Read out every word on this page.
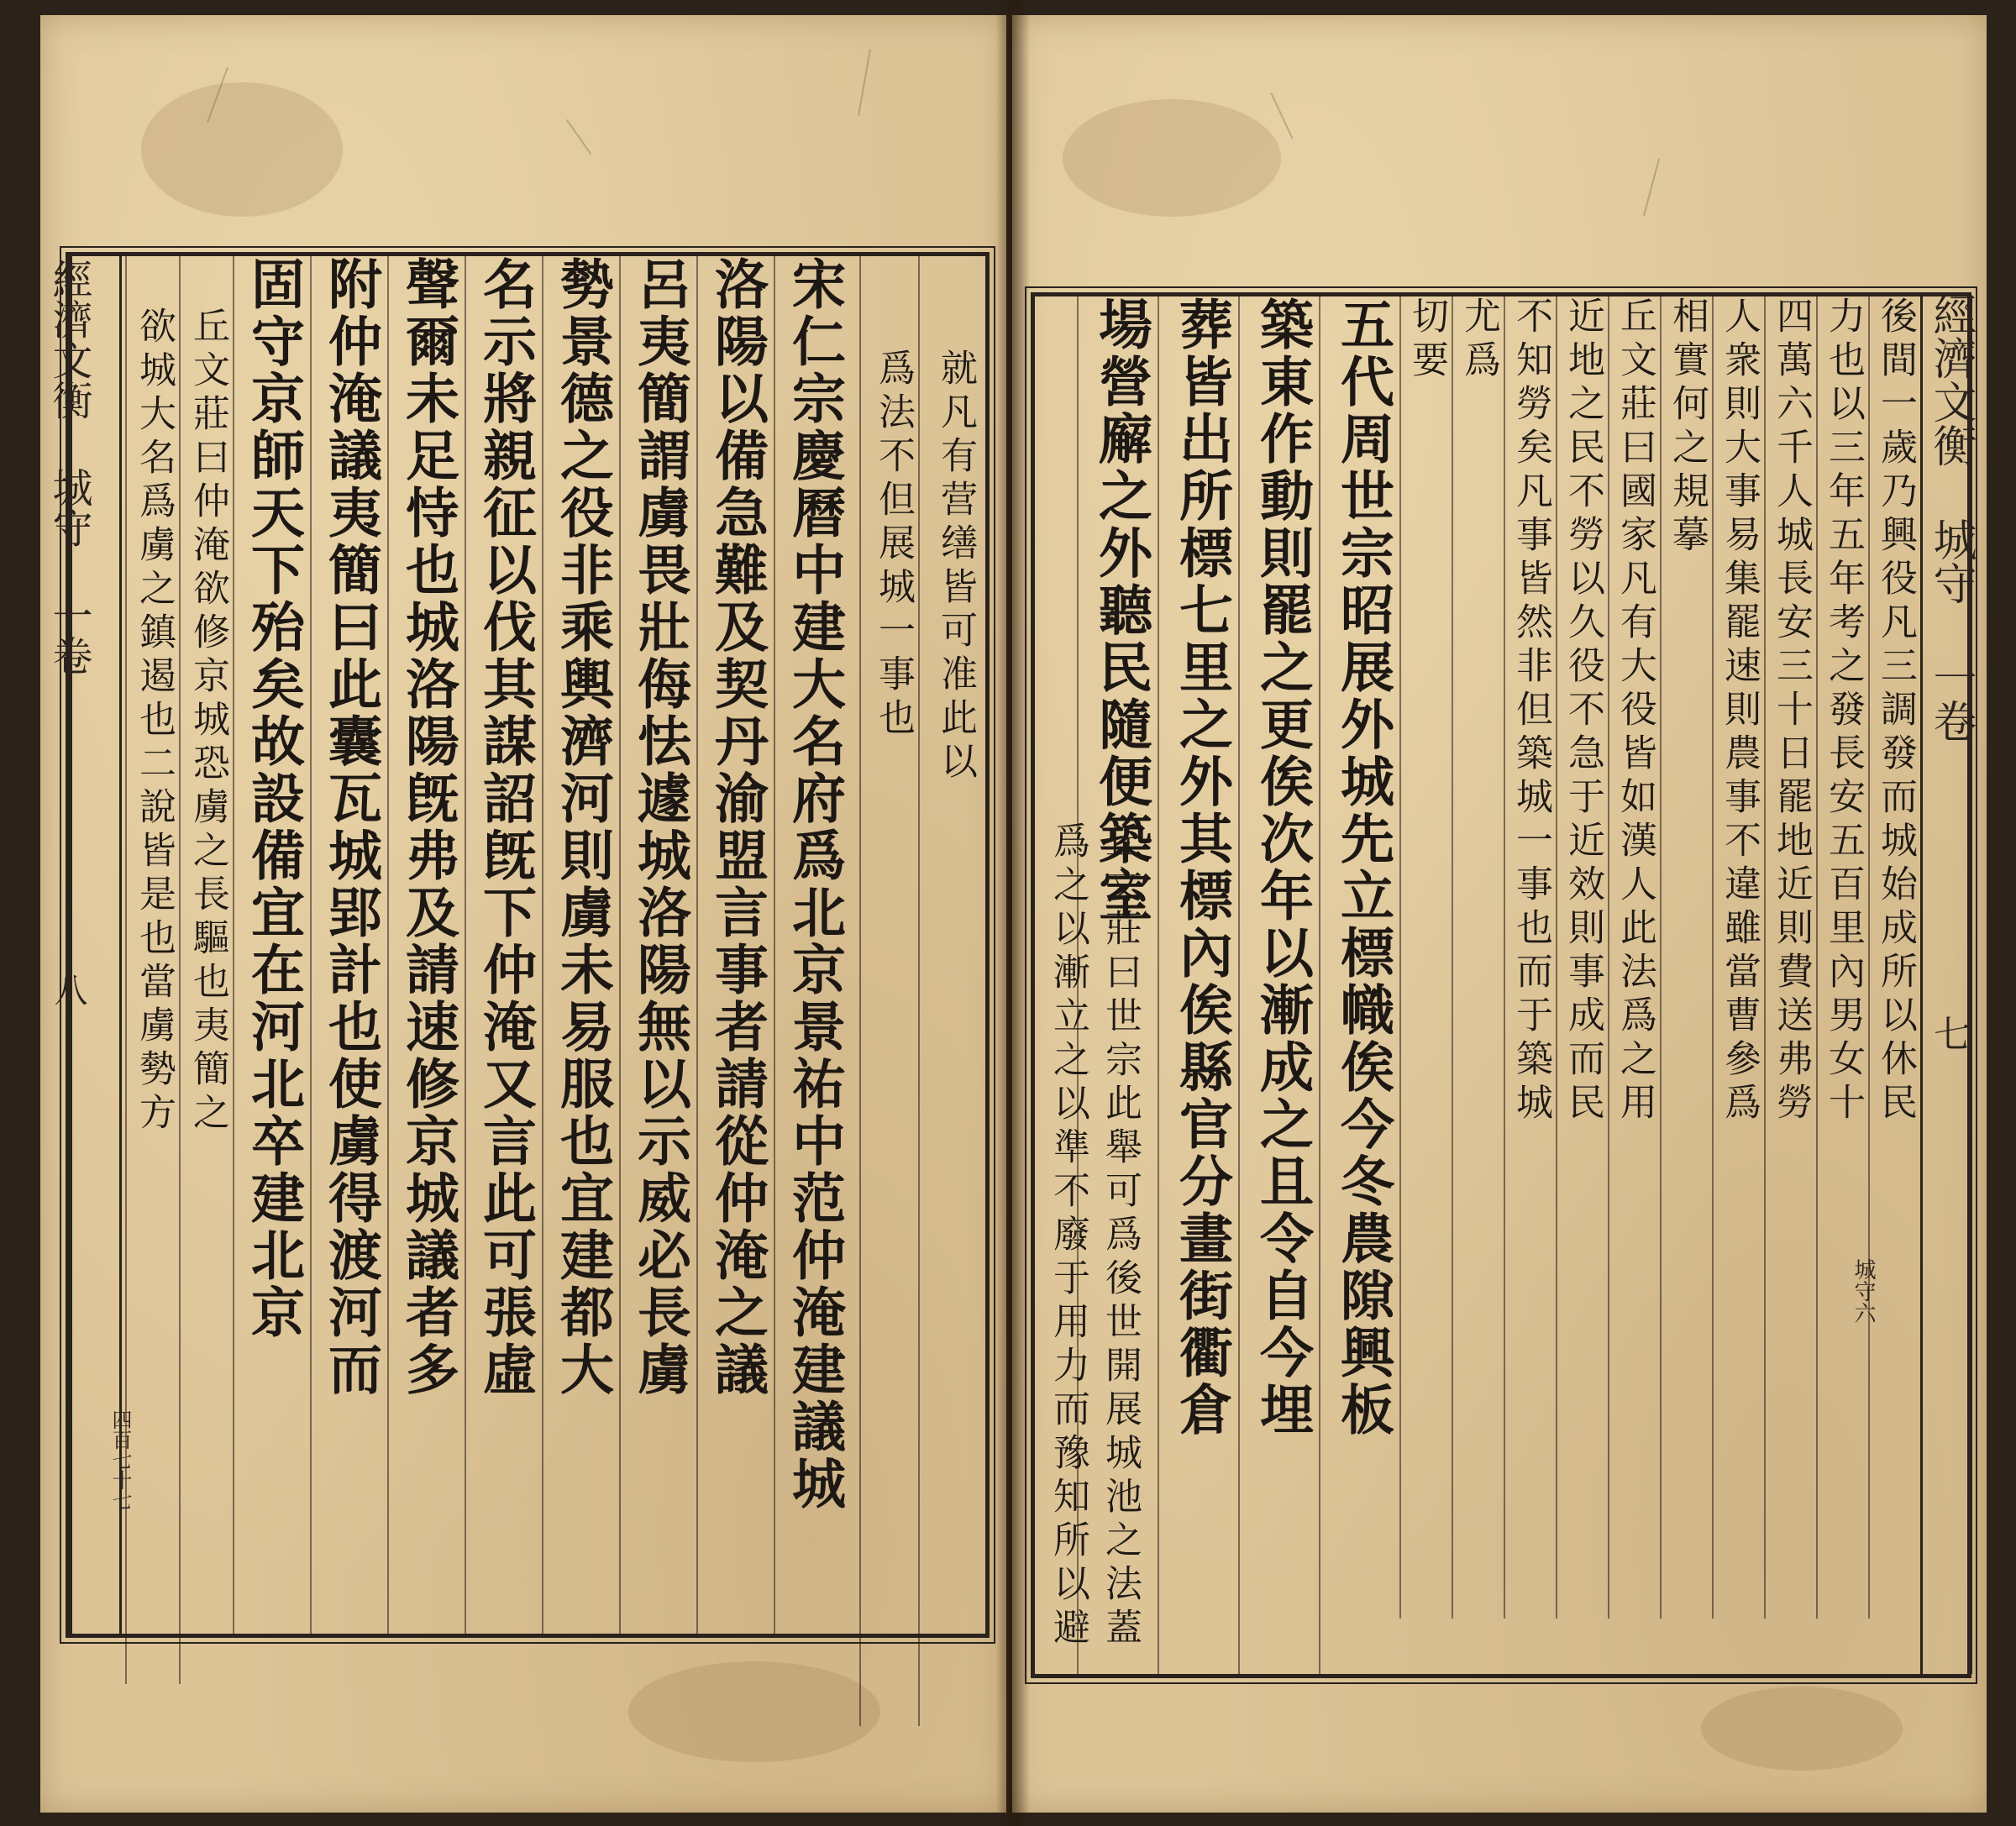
就凡有营缮皆可准此以
爲法不但展城一事也
宋仁宗慶曆中建大名府爲北京景祐中范仲淹建議城
洛陽以備急難及契丹渝盟言事者請從仲淹之議
呂夷簡謂虜畏壯侮怯遽城洛陽無以示威必長虜
勢景德之役非乘輿濟河則虜未易服也宜建都大
名示將親征以伐其謀詔旣下仲淹又言此可張虛
聲爾未足恃也城洛陽旣弗及請速修京城議者多
附仲淹議夷簡曰此囊瓦城郢計也使虜得渡河而
固守京師天下殆矣故設備宜在河北卒建北京
丘文莊曰仲淹欲修京城恐虜之長驅也夷簡之
欲城大名爲虜之鎮遏也二說皆是也當虜勢方
經濟文衡 城守 一卷
八
四百七十七
後間一歲乃興役凡三調發而城始成所以休民
力也以三年五年考之發長安五百里內男女十
四萬六千人城長安三十日罷地近則費送弗勞
人衆則大事易集罷速則農事不違雖當曹參爲
相實何之規摹
丘文莊曰國家凡有大役皆如漢人此法爲之用
近地之民不勞以久役不急于近效則事成而民
不知勞矣凡事皆然非但築城一事也而于築城
尤爲
切要
五代周世宗昭展外城先立標幟俟今冬農隙興板
築東作動則罷之更俟次年以漸成之且令自今埋
葬皆出所標七里之外其標內俟縣官分畫街衢倉
場營廨之外聽民隨便築室
丘文莊曰世宗此舉可爲後世開展城池之法蓋
爲之以漸立之以準不廢于用力而豫知所以避
經濟文衡 城守 一卷
七
城守六
